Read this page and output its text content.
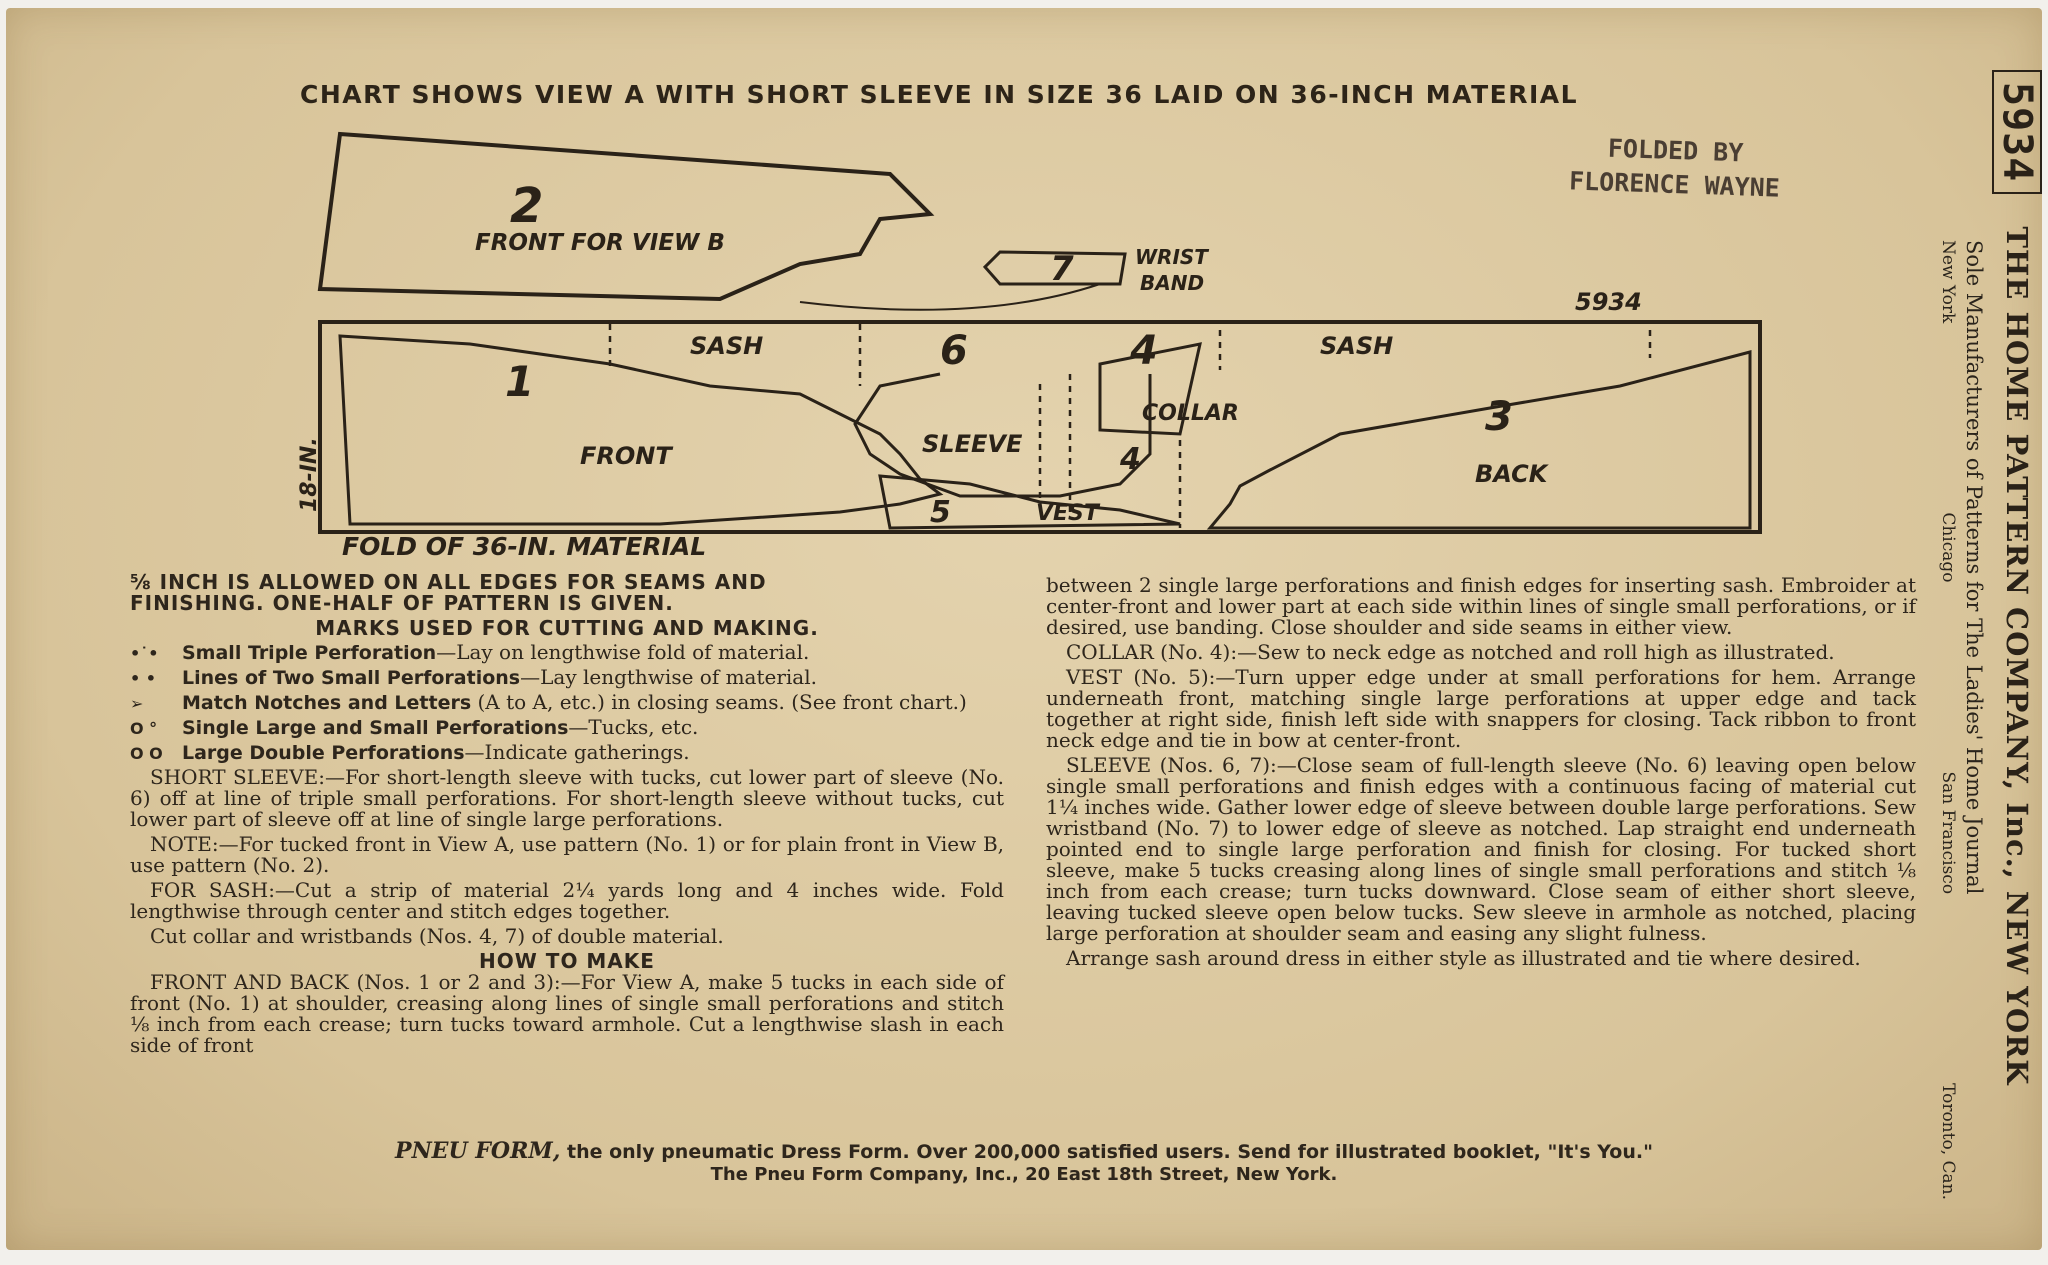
CHART SHOWS VIEW A WITH SHORT SLEEVE IN SIZE 36 LAID ON 36-INCH MATERIAL
FOLDED BY
FLORENCE WAYNE
2
FRONT FOR VIEW B
7	WRIST
BAND
5934
SASH	SASH
1
FRONT
6
SLEEVE
4
COLLAR
4
3
BACK
5	VEST
18-IN.
FOLD OF 36-IN. MATERIAL
⅝ INCH IS ALLOWED ON ALL EDGES FOR SEAMS AND
FINISHING. ONE-HALF OF PATTERN IS GIVEN.
MARKS USED FOR CUTTING AND MAKING.
•˙•	Small Triple Perforation—Lay on lengthwise fold of material.
• •	Lines of Two Small Perforations—Lay lengthwise of material.
➢	Match Notches and Letters (A to A, etc.) in closing seams. (See front chart.)
O °	Single Large and Small Perforations—Tucks, etc.
O O	Large Double Perforations—Indicate gatherings.

SHORT SLEEVE:—For short-length sleeve with tucks, cut lower part of sleeve (No. 6) off at line of triple small perforations. For short-length sleeve without tucks, cut lower part of sleeve off at line of single large perforations.

NOTE:—For tucked front in View A, use pattern (No. 1) or for plain front in View B, use pattern (No. 2).

FOR SASH:—Cut a strip of material 2¼ yards long and 4 inches wide. Fold lengthwise through center and stitch edges together.

Cut collar and wristbands (Nos. 4, 7) of double material.

HOW TO MAKE

FRONT AND BACK (Nos. 1 or 2 and 3):—For View A, make 5 tucks in each side of front (No. 1) at shoulder, creasing along lines of single small perforations and stitch ⅛ inch from each crease; turn tucks toward armhole. Cut a lengthwise slash in each side of front

between 2 single large perforations and finish edges for inserting sash. Embroider at center-front and lower part at each side within lines of single small perforations, or if desired, use banding. Close shoulder and side seams in either view.

COLLAR (No. 4):—Sew to neck edge as notched and roll high as illustrated.

VEST (No. 5):—Turn upper edge under at small perforations for hem. Arrange underneath front, matching single large perforations at upper edge and tack together at right side, finish left side with snappers for closing. Tack ribbon to front neck edge and tie in bow at center-front.

SLEEVE (Nos. 6, 7):—Close seam of full-length sleeve (No. 6) leaving open below single small perforations and finish edges with a continuous facing of material cut 1¼ inches wide. Gather lower edge of sleeve between double large perforations. Sew wristband (No. 7) to lower edge of sleeve as notched. Lap straight end underneath pointed end to single large perforation and finish for closing. For tucked short sleeve, make 5 tucks creasing along lines of single small perforations and stitch ⅛ inch from each crease; turn tucks downward. Close seam of either short sleeve, leaving tucked sleeve open below tucks. Sew sleeve in armhole as notched, placing large perforation at shoulder seam and easing any slight fulness.

Arrange sash around dress in either style as illustrated and tie where desired.

PNEU FORM, the only pneumatic Dress Form. Over 200,000 satisfied users. Send for illustrated booklet, "It's You."
The Pneu Form Company, Inc., 20 East 18th Street, New York.
5934
THE HOME PATTERN COMPANY, Inc., NEW YORK
Sole Manufacturers of Patterns for The Ladies' Home Journal
New York
Chicago
San Francisco
Toronto, Can.
